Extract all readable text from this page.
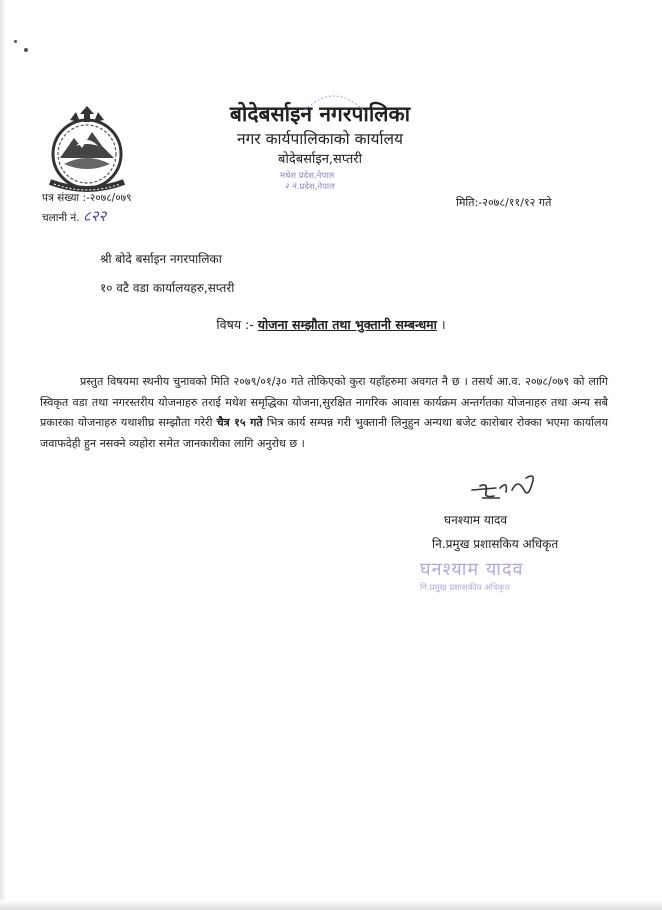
बोदेबर्साइन नगरपालिका
नगर कार्यपालिकाको कार्यालय
बोदेबर्साइन,सप्तरी
मधेश प्रदेश,नेपाल
२ नं.प्रदेश,नेपाल
पत्र संख्या :-२०७८/०७९
चलानी नं. ८२२
मिति:-२०७८/११/१२ गते
श्री बोदे बर्साइन नगरपालिका
१० वटै वडा कार्यालयहरु,सप्तरी
विषय :- योजना सम्झौता तथा भुक्तानी सम्बन्धमा ।

प्रस्तुत विषयमा स्थनीय चुनावको मिति २०७९/०१/३० गते तोकिएको कुरा यहाँहरुमा अवगत नै छ । तसर्थ आ.व. २०७८/०७९ को लागि स्विकृत वडा तथा नगरस्तरीय योजनाहरु तराई मधेश समृद्धिका योजना,सुरक्षित नागरिक आवास कार्यक्रम अन्तर्गतका योजनाहरु तथा अन्य सबै प्रकारका योजनाहरु यथाशीघ्र सम्झौता गरेरी चैत्र १५ गते भित्र कार्य सम्पन्न गरी भुक्तानी लिनुहुन अन्यथा बजेट कारोबार रोक्का भएमा कार्यालय जवाफदेही हुन नसक्ने व्यहोरा समेत जानकारीका लागि अनुरोध छ ।

घनश्याम यादव
नि.प्रमुख प्रशासकिय अधिकृत
घनश्याम यादव
नि.प्रमुख प्रशासकीय अधिकृत
